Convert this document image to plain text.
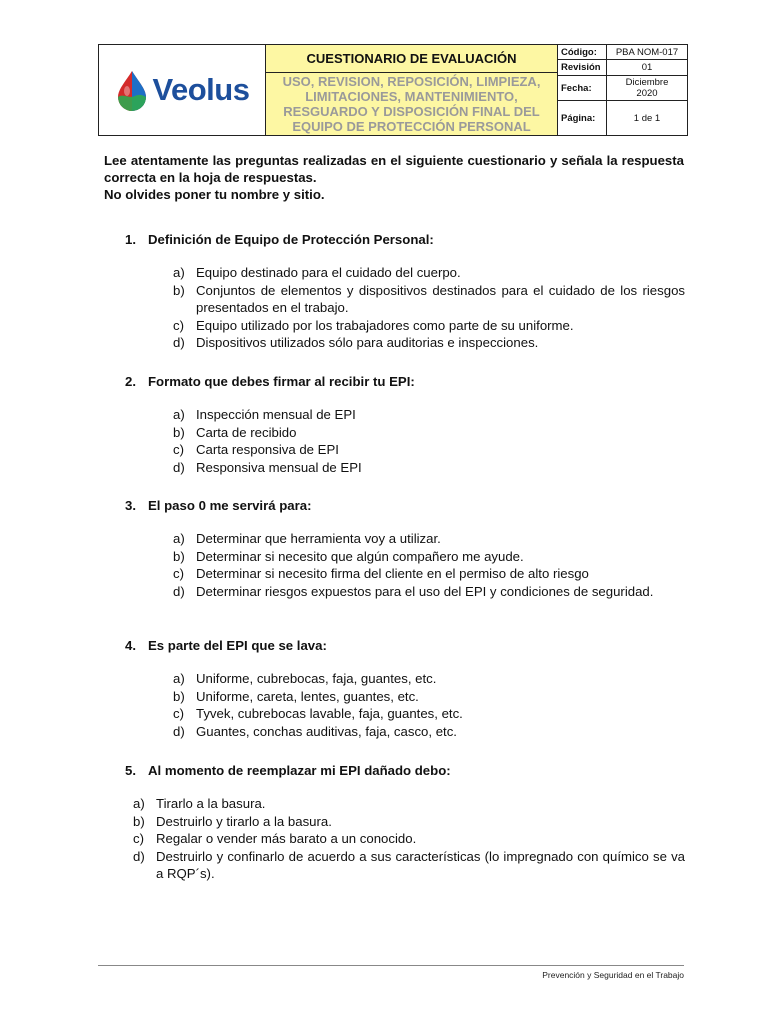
Veolus
CUESTIONARIO DE EVALUACIÓN
USO, REVISION, REPOSICIÓN, LIMPIEZA, LIMITACIONES, MANTENIMIENTO, RESGUARDO Y DISPOSICIÓN FINAL DEL EQUIPO DE PROTECCIÓN PERSONAL
Código:	PBA NOM-017
Revisión	01
Fecha:	Diciembre 2020
Página:	1 de 1

Lee atentamente las preguntas realizadas en el siguiente cuestionario y señala la respuesta correcta en la hoja de respuestas.

No olvides poner tu nombre y sitio.

1. Definición de Equipo de Protección Personal:
a) Equipo destinado para el cuidado del cuerpo.
b) Conjuntos de elementos y dispositivos destinados para el cuidado de los riesgos presentados en el trabajo.
c) Equipo utilizado por los trabajadores como parte de su uniforme.
d) Dispositivos utilizados sólo para auditorias e inspecciones.
2. Formato que debes firmar al recibir tu EPI:
a) Inspección mensual de EPI
b) Carta de recibido
c) Carta responsiva de EPI
d) Responsiva mensual de EPI
3. El paso 0 me servirá para:
a) Determinar que herramienta voy a utilizar.
b) Determinar si necesito que algún compañero me ayude.
c) Determinar si necesito firma del cliente en el permiso de alto riesgo
d) Determinar riesgos expuestos para el uso del EPI y condiciones de seguridad.
4. Es parte del EPI que se lava:
a) Uniforme, cubrebocas, faja, guantes, etc.
b) Uniforme, careta, lentes, guantes, etc.
c) Tyvek, cubrebocas lavable, faja, guantes, etc.
d) Guantes, conchas auditivas, faja, casco, etc.
5. Al momento de reemplazar mi EPI dañado debo:
a) Tirarlo a la basura.
b) Destruirlo y tirarlo a la basura.
c) Regalar o vender más barato a un conocido.
d) Destruirlo y confinarlo de acuerdo a sus características (lo impregnado con químico se va a RQP´s).
Prevención y Seguridad en el Trabajo
